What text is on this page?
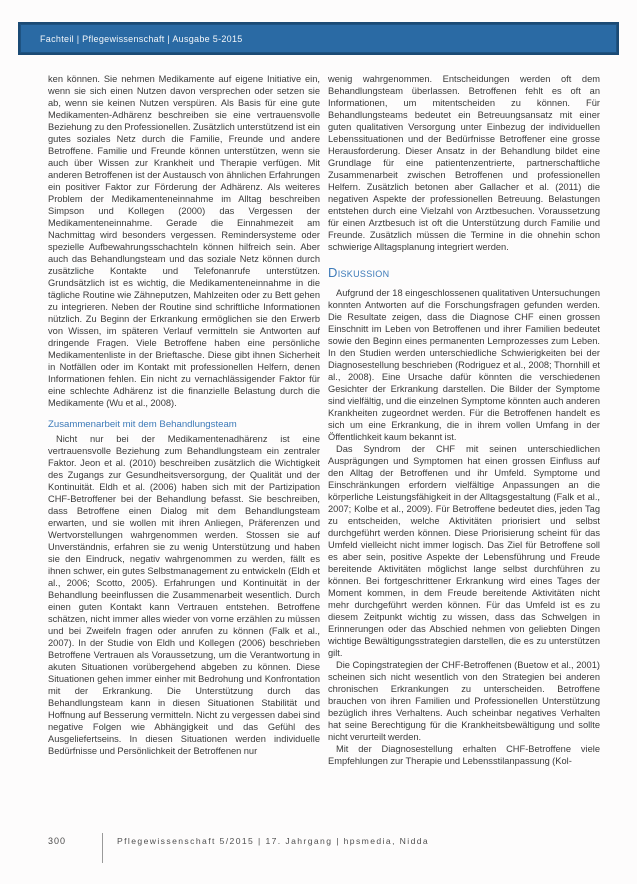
Fachteil | Pflegewissenschaft | Ausgabe 5-2015

ken können. Sie nehmen Medikamente auf eigene Initiative ein, wenn sie sich einen Nutzen davon versprechen oder setzen sie ab, wenn sie keinen Nutzen verspüren. Als Basis für eine gute Medikamenten-Adhärenz beschreiben sie eine vertrauensvolle Beziehung zu den Professionellen. Zusätzlich unterstützend ist ein gutes soziales Netz durch die Familie, Freunde und andere Betroffene. Familie und Freunde können unterstützen, wenn sie auch über Wissen zur Krankheit und Therapie verfügen. Mit anderen Betroffenen ist der Austausch von ähnlichen Erfahrungen ein positiver Faktor zur Förderung der Adhärenz. Als weiteres Problem der Medikamenteneinnahme im Alltag beschreiben Simpson und Kollegen (2000) das Vergessen der Medikamenteneinnahme. Gerade die Einnahmezeit am Nachmittag wird besonders vergessen. Remindersysteme oder spezielle Aufbewahrungsschachteln können hilfreich sein. Aber auch das Behandlungsteam und das soziale Netz können durch zusätzliche Kontakte und Telefonanrufe unterstützen. Grundsätzlich ist es wichtig, die Medikamenteneinnahme in die tägliche Routine wie Zähneputzen, Mahlzeiten oder zu Bett gehen zu integrieren. Neben der Routine sind schriftliche Informationen nützlich. Zu Beginn der Erkrankung ermöglichen sie den Erwerb von Wissen, im späteren Verlauf vermitteln sie Antworten auf dringende Fragen. Viele Betroffene haben eine persönliche Medikamentenliste in der Brieftasche. Diese gibt ihnen Sicherheit in Notfällen oder im Kontakt mit professionellen Helfern, denen Informationen fehlen. Ein nicht zu vernachlässigender Faktor für eine schlechte Adhärenz ist die finanzielle Belastung durch die Medikamente (Wu et al., 2008).

Zusammenarbeit mit dem Behandlungsteam

Nicht nur bei der Medikamentenadhärenz ist eine vertrauensvolle Beziehung zum Behandlungsteam ein zentraler Faktor. Jeon et al. (2010) beschreiben zusätzlich die Wichtigkeit des Zugangs zur Gesundheitsversorgung, der Qualität und der Kontinuität. Eldh et al. (2006) haben sich mit der Partizipation CHF-Betroffener bei der Behandlung befasst. Sie beschreiben, dass Betroffene einen Dialog mit dem Behandlungsteam erwarten, und sie wollen mit ihren Anliegen, Präferenzen und Wertvorstellungen wahrgenommen werden. Stossen sie auf Unverständnis, erfahren sie zu wenig Unterstützung und haben sie den Eindruck, negativ wahrgenommen zu werden, fällt es ihnen schwer, ein gutes Selbstmanagement zu entwickeln (Eldh et al., 2006; Scotto, 2005). Erfahrungen und Kontinuität in der Behandlung beeinflussen die Zusammenarbeit wesentlich. Durch einen guten Kontakt kann Vertrauen entstehen. Betroffene schätzen, nicht immer alles wieder von vorne erzählen zu müssen und bei Zweifeln fragen oder anrufen zu können (Falk et al., 2007). In der Studie von Eldh und Kollegen (2006) beschrieben Betroffene Vertrauen als Voraussetzung, um die Verantwortung in akuten Situationen vorübergehend abgeben zu können. Diese Situationen gehen immer einher mit Bedrohung und Konfrontation mit der Erkrankung. Die Unterstützung durch das Behandlungsteam kann in diesen Situationen Stabilität und Hoffnung auf Besserung vermitteln. Nicht zu vergessen dabei sind negative Folgen wie Abhängigkeit und das Gefühl des Ausgeliefertseins. In diesen Situationen werden individuelle Bedürfnisse und Persönlichkeit der Betroffenen nur

wenig wahrgenommen. Entscheidungen werden oft dem Behandlungsteam überlassen. Betroffenen fehlt es oft an Informationen, um mitentscheiden zu können. Für Behandlungsteams bedeutet ein Betreuungsansatz mit einer guten qualitativen Versorgung unter Einbezug der individuellen Lebenssituationen und der Bedürfnisse Betroffener eine grosse Herausforderung. Dieser Ansatz in der Behandlung bildet eine Grundlage für eine patientenzentrierte, partnerschaftliche Zusammenarbeit zwischen Betroffenen und professionellen Helfern. Zusätzlich betonen aber Gallacher et al. (2011) die negativen Aspekte der professionellen Betreuung. Belastungen entstehen durch eine Vielzahl von Arztbesuchen. Voraussetzung für einen Arztbesuch ist oft die Unterstützung durch Familie und Freunde. Zusätzlich müssen die Termine in die ohnehin schon schwierige Alltagsplanung integriert werden.

Diskussion

Aufgrund der 18 eingeschlossenen qualitativen Untersuchungen konnten Antworten auf die Forschungsfragen gefunden werden. Die Resultate zeigen, dass die Diagnose CHF einen grossen Einschnitt im Leben von Betroffenen und ihrer Familien bedeutet sowie den Beginn eines permanenten Lernprozesses zum Leben. In den Studien werden unterschiedliche Schwierigkeiten bei der Diagnosestellung beschrieben (Rodriguez et al., 2008; Thornhill et al., 2008). Eine Ursache dafür könnten die verschiedenen Gesichter der Erkrankung darstellen. Die Bilder der Symptome sind vielfältig, und die einzelnen Symptome könnten auch anderen Krankheiten zugeordnet werden. Für die Betroffenen handelt es sich um eine Erkrankung, die in ihrem vollen Umfang in der Öffentlichkeit kaum bekannt ist.

Das Syndrom der CHF mit seinen unterschiedlichen Ausprägungen und Symptomen hat einen grossen Einfluss auf den Alltag der Betroffenen und ihr Umfeld. Symptome und Einschränkungen erfordern vielfältige Anpassungen an die körperliche Leistungsfähigkeit in der Alltagsgestaltung (Falk et al., 2007; Kolbe et al., 2009). Für Betroffene bedeutet dies, jeden Tag zu entscheiden, welche Aktivitäten priorisiert und selbst durchgeführt werden können. Diese Priorisierung scheint für das Umfeld vielleicht nicht immer logisch. Das Ziel für Betroffene soll es aber sein, positive Aspekte der Lebensführung und Freude bereitende Aktivitäten möglichst lange selbst durchführen zu können. Bei fortgeschrittener Erkrankung wird eines Tages der Moment kommen, in dem Freude bereitende Aktivitäten nicht mehr durchgeführt werden können. Für das Umfeld ist es zu diesem Zeitpunkt wichtig zu wissen, dass das Schwelgen in Erinnerungen oder das Abschied nehmen von geliebten Dingen wichtige Bewältigungsstrategien darstellen, die es zu unterstützen gilt.

Die Copingstrategien der CHF-Betroffenen (Buetow et al., 2001) scheinen sich nicht wesentlich von den Strategien bei anderen chronischen Erkrankungen zu unterscheiden. Betroffene brauchen von ihren Familien und Professionellen Unterstützung bezüglich ihres Verhaltens. Auch scheinbar negatives Verhalten hat seine Berechtigung für die Krankheitsbewältigung und sollte nicht verurteilt werden.

Mit der Diagnosestellung erhalten CHF-Betroffene viele Empfehlungen zur Therapie und Lebensstilanpassung (Kol-

300	Pflegewissenschaft 5/2015 | 17. Jahrgang | hpsmedia, Nidda
